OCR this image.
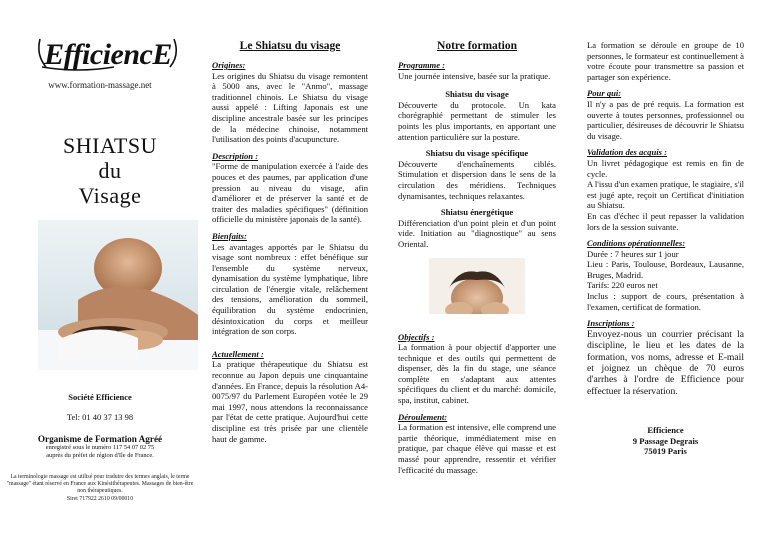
EfficiencE
www.formation-massage.net
SHIATSU
du
Visage
Société Efficience
Tel: 01 40 37 13 98
Organisme de Formation Agréé
enregistré sous le numéro 117 54 07 02 75
auprès du préfet de région d'Ile de France.
La terminologie massage est utilisé pour traduire des termes anglais, le terme "massage" étant réservé en France aux Kinésithérapeutes. Massages de bien-être non thérapeutiques.
Siret 717922 2610 09/00010
Le Shiatsu du visage
Origines:
Les origines du Shiatsu du visage remontent à 5000 ans, avec le "Anmo", massage traditionnel chinois. Le Shiatsu du visage aussi appelé : Lifting Japonais est une discipline ancestrale basée sur les principes de la médecine chinoise, notamment l'utilisation des points d'acupuncture.
Description :
"Forme de manipulation exercée à l'aide des pouces et des paumes, par application d'une pression au niveau du visage, afin d'améliorer et de préserver la santé et de traiter des maladies spécifiques" (définition officielle du ministère japonais de la santé).
Bienfaits:
Les avantages apportés par le Shiatsu du visage sont nombreux : effet bénéfique sur l'ensemble du système nerveux, dynamisation du système lymphatique, libre circulation de l'énergie vitale, relâchement des tensions, amélioration du sommeil, équilibration du système endocrinien, désintoxication du corps et meilleur intégration de son corps.
Actuellement :
La pratique thérapeutique du Shiatsu est reconnue au Japon depuis une cinquantaine d'années. En France, depuis la résolution A4-0075/97 du Parlement Européen votée le 29 mai 1997, nous attendons la reconnaissance par l'état de cette pratique. Aujourd'hui cette discipline est très prisée par une clientèle haut de gamme.
Notre formation
Programme :
Une journée intensive, basée sur la pratique.
Shiatsu du visage
Découverte du protocole. Un kata chorégraphié permettant de stimuler les points les plus importants, en apportant une attention particulière sur la posture.
Shiatsu du visage spécifique
Découverte d'enchaînements ciblés. Stimulation et dispersion dans le sens de la circulation des méridiens. Techniques dynamisantes, techniques relaxantes.
Shiatsu énergétique
Différenciation d'un point plein et d'un point vide. Initiation au "diagnostique" au sens Oriental.
Objectifs :
La formation à pour objectif d'apporter une technique et des outils qui permettent de dispenser, dès la fin du stage, une séance complète en s'adaptant aux attentes spécifiques du client et du marché: domicile, spa, institut, cabinet.
Déroulement:
La formation est intensive, elle comprend une partie théorique, immédiatement mise en pratique, par chaque élève qui masse et est massé pour apprendre, ressentir et vérifier l'efficacité du massage.
La formation se déroule en groupe de 10 personnes, le formateur est continuellement à votre écoute pour transmettre sa passion et partager son expérience.
Pour qui:
Il n'y a pas de pré requis. La formation est ouverte à toutes personnes, professionnel ou particulier, désireuses de découvrir le Shiatsu du visage.
Validation des acquis :
Un livret pédagogique est remis en fin de cycle.
A l'issu d'un examen pratique, le stagiaire, s'il est jugé apte, reçoit un Certificat d'initiation au Shiatsu.
En cas d'échec il peut repasser la validation lors de la session suivante.
Conditions opérationnelles:
Durée : 7 heures sur 1 jour
Lieu : Paris, Toulouse, Bordeaux, Lausanne, Bruges, Madrid.
Tarifs: 220 euros net
Inclus : support de cours, présentation à l'examen, certificat de formation.
Inscriptions :
Envoyez-nous un courrier précisant la discipline, le lieu et les dates de la formation, vos noms, adresse et E-mail et joignez un chèque de 70 euros d'arrhes à l'ordre de Efficience pour effectuer la réservation.
Efficience
9 Passage Degrais
75019 Paris
